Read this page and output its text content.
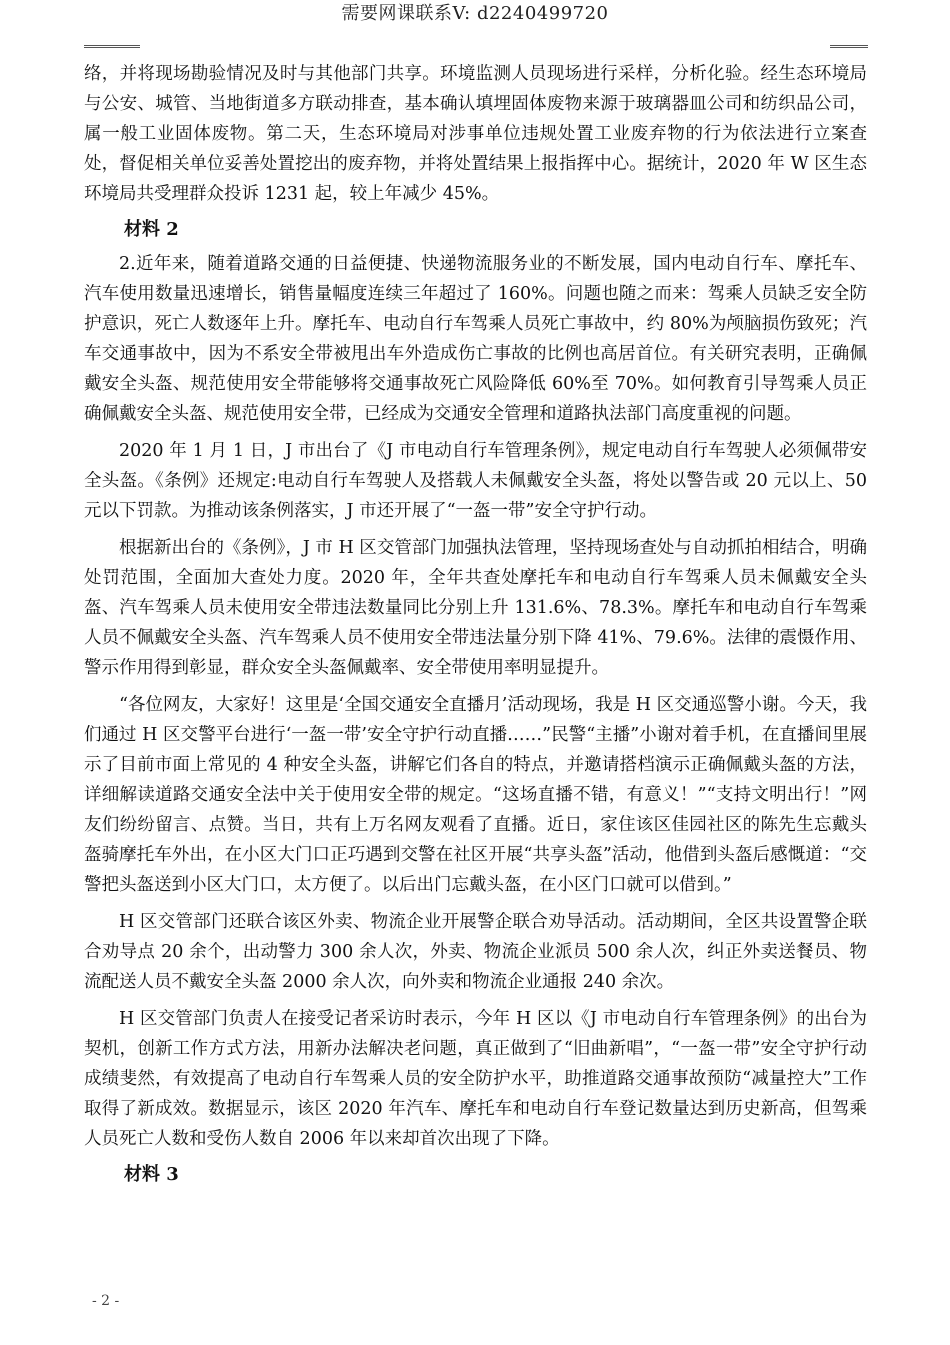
需要网课联系V: d2240499720

络，并将现场勘验情况及时与其他部门共享。环境监测人员现场进行采样，分析化验。经生态环境局与公安、城管、当地街道多方联动排查，基本确认填埋固体废物来源于玻璃器皿公司和纺织品公司，属一般工业固体废物。第二天，生态环境局对涉事单位违规处置工业废弃物的行为依法进行立案查处，督促相关单位妥善处置挖出的废弃物，并将处置结果上报指挥中心。据统计，2020 年 W 区生态环境局共受理群众投诉 1231 起，较上年减少 45%。

材料 2

2.近年来，随着道路交通的日益便捷、快递物流服务业的不断发展，国内电动自行车、摩托车、汽车使用数量迅速增长，销售量幅度连续三年超过了 160%。问题也随之而来：驾乘人员缺乏安全防护意识，死亡人数逐年上升。摩托车、电动自行车驾乘人员死亡事故中，约 80%为颅脑损伤致死；汽车交通事故中，因为不系安全带被甩出车外造成伤亡事故的比例也高居首位。有关研究表明，正确佩戴安全头盔、规范使用安全带能够将交通事故死亡风险降低 60%至 70%。如何教育引导驾乘人员正确佩戴安全头盔、规范使用安全带，已经成为交通安全管理和道路执法部门高度重视的问题。

2020 年 1 月 1 日，J 市出台了《J 市电动自行车管理条例》，规定电动自行车驾驶人必须佩带安全头盔。《条例》还规定:电动自行车驾驶人及搭载人未佩戴安全头盔，将处以警告或 20 元以上、50 元以下罚款。为推动该条例落实，J 市还开展了“一盔一带”安全守护行动。

根据新出台的《条例》，J 市 H 区交管部门加强执法管理，坚持现场查处与自动抓拍相结合，明确处罚范围，全面加大查处力度。2020 年，全年共查处摩托车和电动自行车驾乘人员未佩戴安全头盔、汽车驾乘人员未使用安全带违法数量同比分别上升 131.6%、78.3%。摩托车和电动自行车驾乘人员不佩戴安全头盔、汽车驾乘人员不使用安全带违法量分别下降 41%、79.6%。法律的震慑作用、警示作用得到彰显，群众安全头盔佩戴率、安全带使用率明显提升。

“各位网友，大家好！这里是‘全国交通安全直播月’活动现场，我是 H 区交通巡警小谢。今天，我们通过 H 区交警平台进行‘一盔一带’安全守护行动直播……”民警“主播”小谢对着手机，在直播间里展示了目前市面上常见的 4 种安全头盔，讲解它们各自的特点，并邀请搭档演示正确佩戴头盔的方法，详细解读道路交通安全法中关于使用安全带的规定。“这场直播不错，有意义！”“支持文明出行！”网友们纷纷留言、点赞。当日，共有上万名网友观看了直播。近日，家住该区佳园社区的陈先生忘戴头盔骑摩托车外出，在小区大门口正巧遇到交警在社区开展“共享头盔”活动，他借到头盔后感慨道：“交警把头盔送到小区大门口，太方便了。以后出门忘戴头盔，在小区门口就可以借到。”

H 区交管部门还联合该区外卖、物流企业开展警企联合劝导活动。活动期间，全区共设置警企联合劝导点 20 余个，出动警力 300 余人次，外卖、物流企业派员 500 余人次，纠正外卖送餐员、物流配送人员不戴安全头盔 2000 余人次，向外卖和物流企业通报 240 余次。

H 区交管部门负责人在接受记者采访时表示，今年 H 区以《J 市电动自行车管理条例》的出台为契机，创新工作方式方法，用新办法解决老问题，真正做到了“旧曲新唱”，“一盔一带”安全守护行动成绩斐然，有效提高了电动自行车驾乘人员的安全防护水平，助推道路交通事故预防“减量控大”工作取得了新成效。数据显示，该区 2020 年汽车、摩托车和电动自行车登记数量达到历史新高，但驾乘人员死亡人数和受伤人数自 2006 年以来却首次出现了下降。

材料 3
- 2 -
